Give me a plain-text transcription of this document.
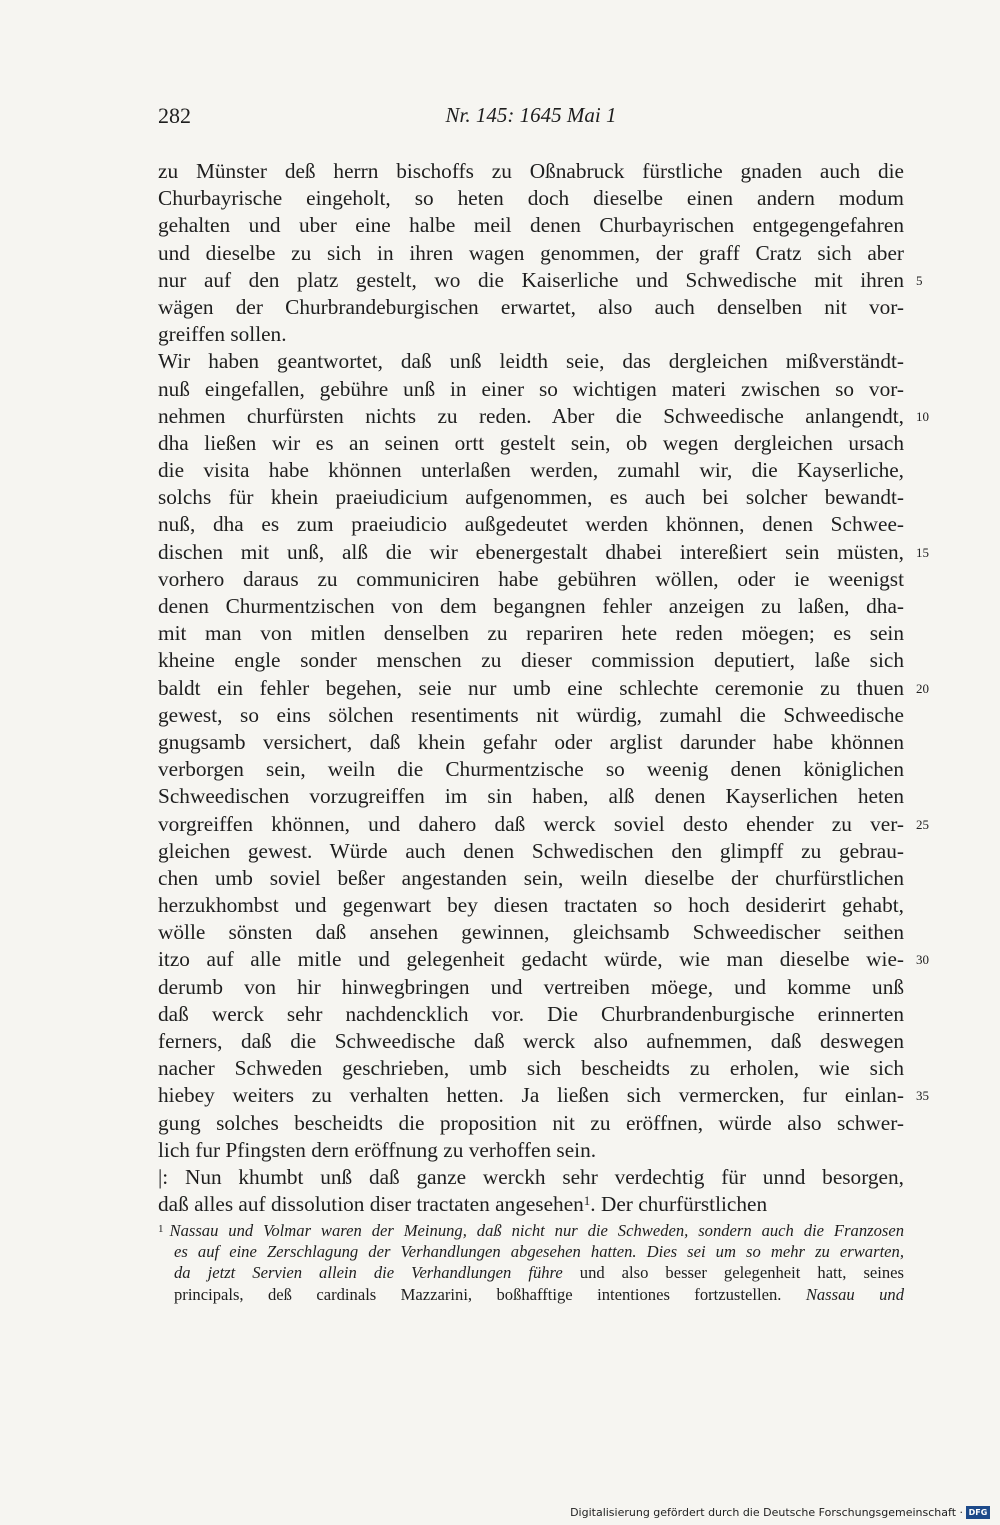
282	Nr. 145: 1645 Mai 1
zu Münster deß herrn bischoffs zu Oßnabruck fürstliche gnaden auch die
Churbayrische eingeholt, so heten doch dieselbe einen andern modum
gehalten und uber eine halbe meil denen Churbayrischen entgegengefahren
und dieselbe zu sich in ihren wagen genommen, der graff Cratz sich aber
nur auf den platz gestelt, wo die Kaiserliche und Schwedische mit ihren 5
wägen der Churbrandeburgischen erwartet, also auch denselben nit vor-
greiffen sollen.
Wir haben geantwortet, daß unß leidth seie, das dergleichen mißverständt-
nuß eingefallen, gebühre unß in einer so wichtigen materi zwischen so vor-
nehmen churfürsten nichts zu reden. Aber die Schweedische anlangendt, 10
dha ließen wir es an seinen ortt gestelt sein, ob wegen dergleichen ursach
die visita habe khönnen unterlaßen werden, zumahl wir, die Kayserliche,
solchs für khein praeiudicium aufgenommen, es auch bei solcher bewandt-
nuß, dha es zum praeiudicio außgedeutet werden khönnen, denen Schwee-
dischen mit unß, alß die wir ebenergestalt dhabei intereßiert sein müsten, 15
vorhero daraus zu communiciren habe gebühren wöllen, oder ie weenigst
denen Churmentzischen von dem begangnen fehler anzeigen zu laßen, dha-
mit man von mitlen denselben zu repariren hete reden möegen; es sein
kheine engle sonder menschen zu dieser commission deputiert, laße sich
baldt ein fehler begehen, seie nur umb eine schlechte ceremonie zu thuen 20
gewest, so eins sölchen resentiments nit würdig, zumahl die Schweedische
gnugsamb versichert, daß khein gefahr oder arglist darunder habe khönnen
verborgen sein, weiln die Churmentzische so weenig denen königlichen
Schweedischen vorzugreiffen im sin haben, alß denen Kayserlichen heten
vorgreiffen khönnen, und dahero daß werck soviel desto ehender zu ver- 25
gleichen gewest. Würde auch denen Schwedischen den glimpff zu gebrau-
chen umb soviel beßer angestanden sein, weiln dieselbe der churfürstlichen
herzukhombst und gegenwart bey diesen tractaten so hoch desiderirt gehabt,
wölle sönsten daß ansehen gewinnen, gleichsamb Schweedischer seithen
itzo auf alle mitle und gelegenheit gedacht würde, wie man dieselbe wie- 30
derumb von hir hinwegbringen und vertreiben möege, und komme unß
daß werck sehr nachdencklich vor. Die Churbrandenburgische erinnerten
ferners, daß die Schweedische daß werck also aufnemmen, daß deswegen
nacher Schweden geschrieben, umb sich bescheidts zu erholen, wie sich
hiebey weiters zu verhalten hetten. Ja ließen sich vermercken, fur einlan- 35
gung solches bescheidts die proposition nit zu eröffnen, würde also schwer-
lich fur Pfingsten dern eröffnung zu verhoffen sein.
|: Nun khumbt unß daß ganze werckh sehr verdechtig für unnd besorgen,
daß alles auf dissolution diser tractaten angesehen$^1$. Der churfürstlichen
$^1$ Nassau und Volmar waren der Meinung, daß nicht nur die Schweden, sondern auch die Franzosen
es auf eine Zerschlagung der Verhandlungen abgesehen hatten. Dies sei um so mehr zu erwarten,
da jetzt Servien allein die Verhandlungen führe und also besser gelegenheit hatt, seines
principals, deß cardinals Mazzarini, boßhafftige intentiones fortzustellen. Nassau und
Digitalisierung gefördert durch die Deutsche Forschungsgemeinschaft · DFG
